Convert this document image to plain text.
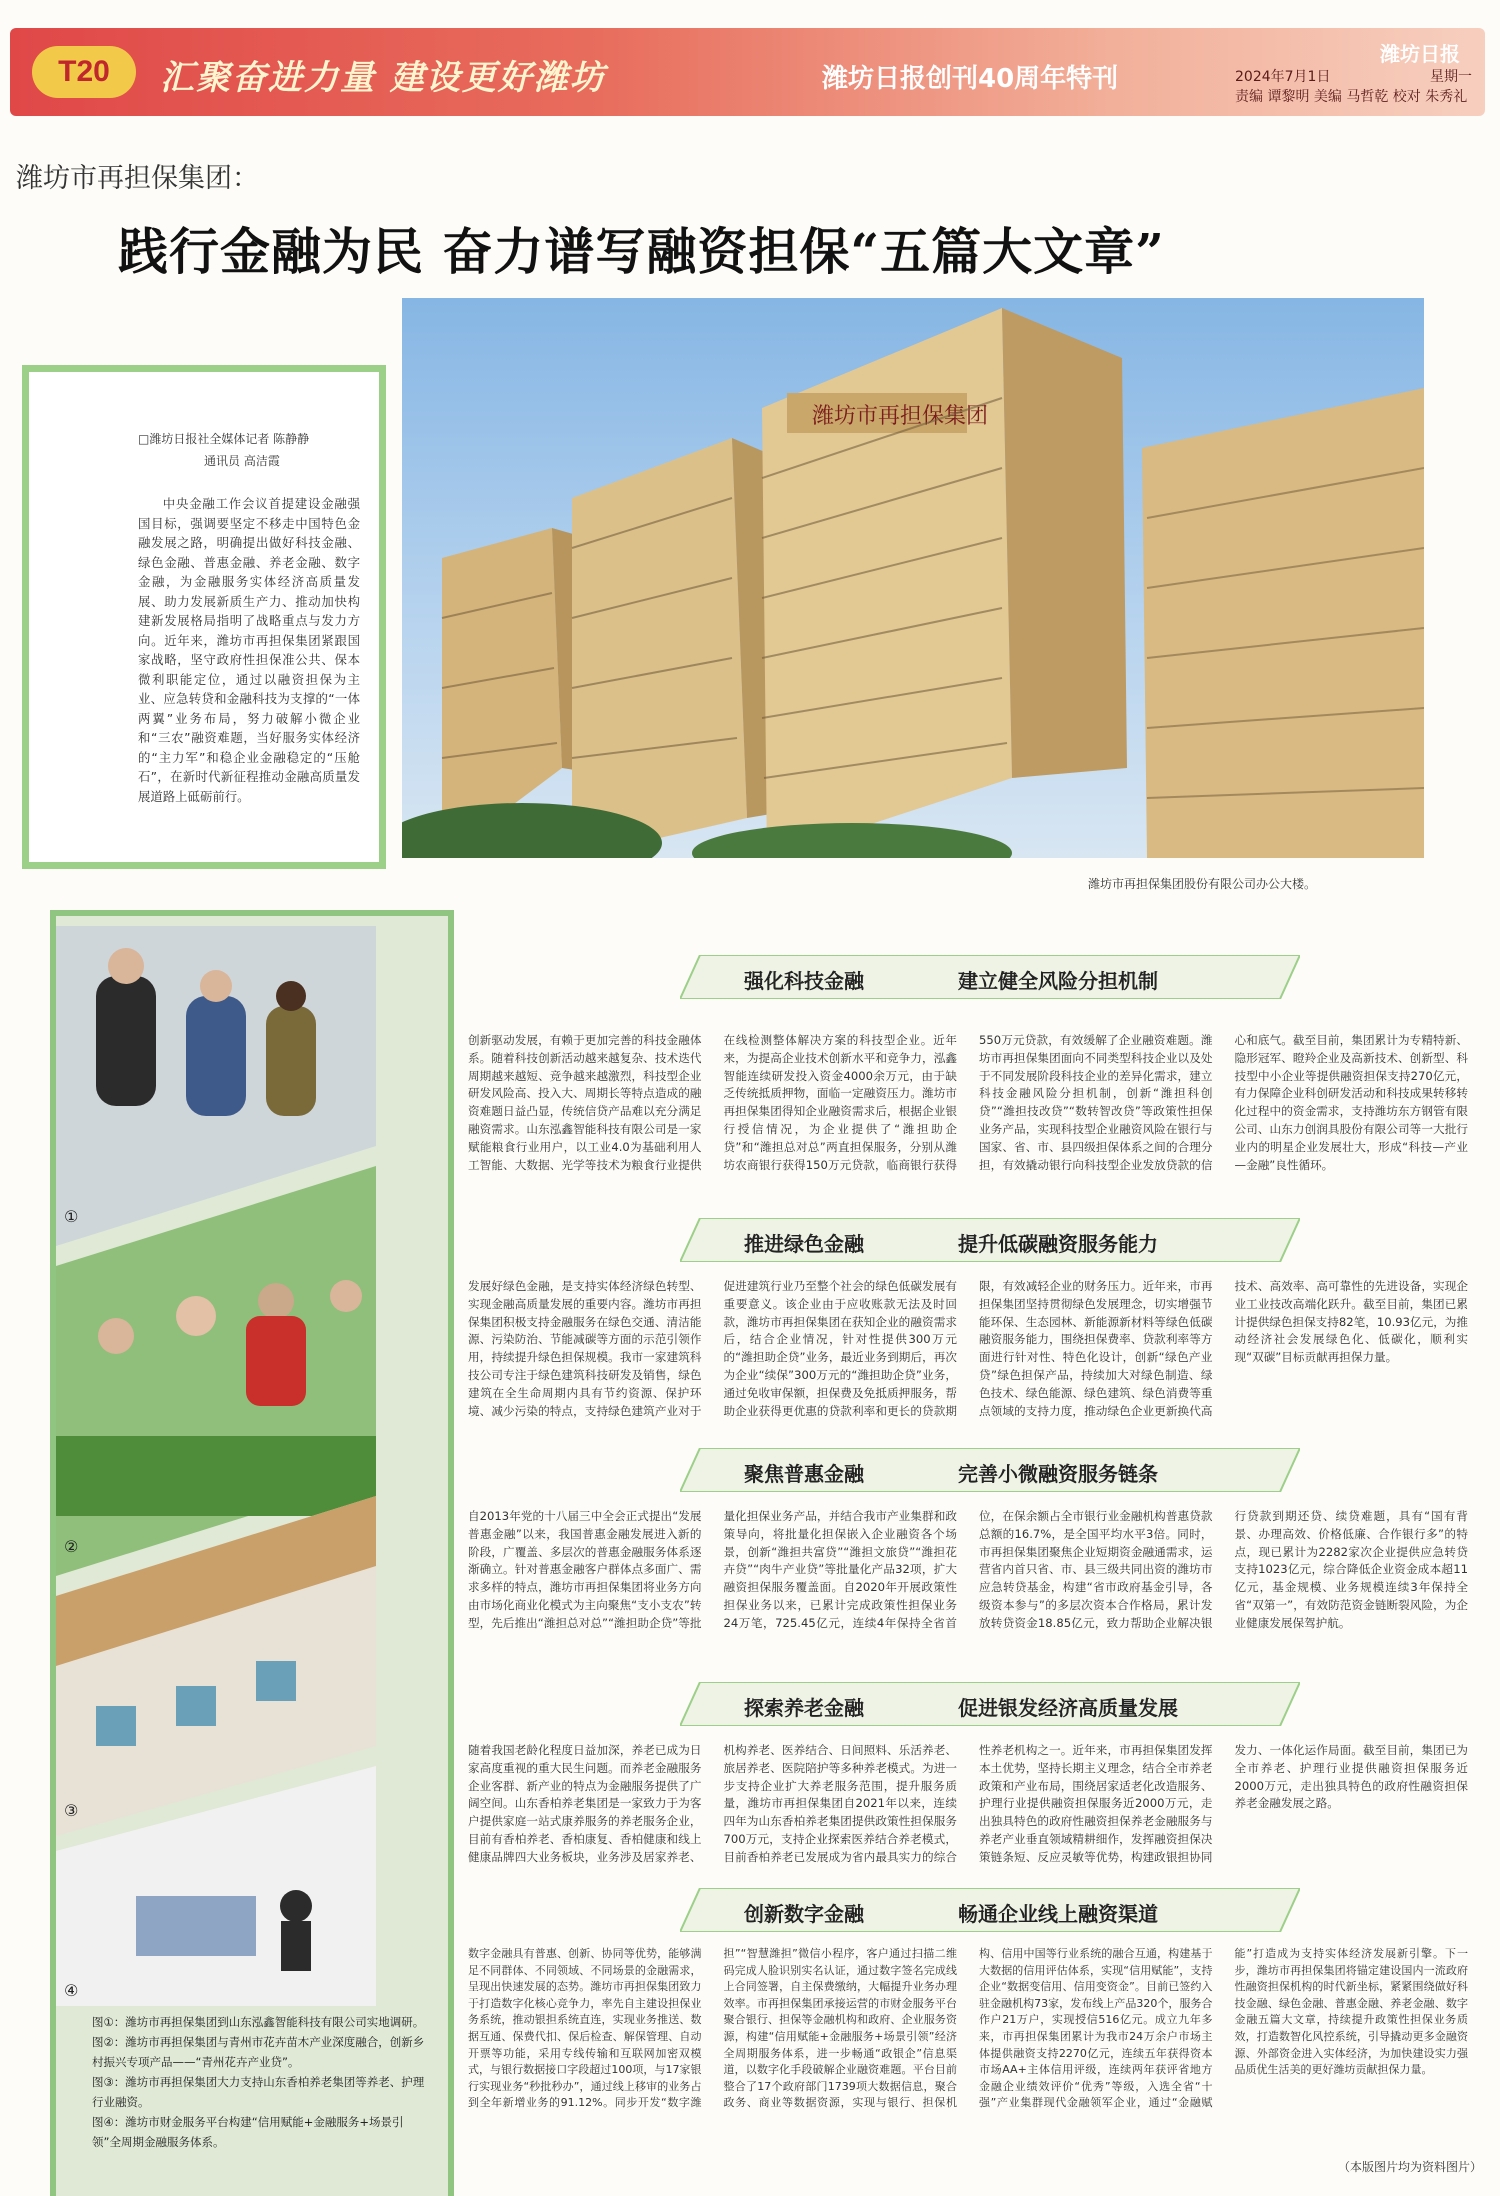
T20	汇聚奋进力量 建设更好潍坊	潍坊日报创刊40周年特刊
潍坊日报
2024年7月1日	星期一
责编 谭黎明 美编 马哲乾 校对 朱秀礼
潍坊市再担保集团：
践行金融为民 奋力谱写融资担保“五篇大文章”
□潍坊日报社全媒体记者 陈静静
通讯员 高洁霞
中央金融工作会议首提建设金融强国目标，强调要坚定不移走中国特色金融发展之路，明确提出做好科技金融、绿色金融、普惠金融、养老金融、数字金融，为金融服务实体经济高质量发展、助力发展新质生产力、推动加快构建新发展格局指明了战略重点与发力方向。近年来，潍坊市再担保集团紧跟国家战略，坚守政府性担保准公共、保本微利职能定位，通过以融资担保为主业、应急转贷和金融科技为支撑的“一体两翼”业务布局，努力破解小微企业和“三农”融资难题，当好服务实体经济的“主力军”和稳企业金融稳定的“压舱石”，在新时代新征程推动金融高质量发展道路上砥砺前行。
潍坊市再担保集团
潍坊市再担保集团股份有限公司办公大楼。
①
②
③
④
图①：潍坊市再担保集团到山东泓鑫智能科技有限公司实地调研。
图②：潍坊市再担保集团与青州市花卉苗木产业深度融合，创新乡村振兴专项产品——“青州花卉产业贷”。
图③：潍坊市再担保集团大力支持山东香柏养老集团等养老、护理行业融资。
图④：潍坊市财金服务平台构建“信用赋能+金融服务+场景引领”全周期金融服务体系。
强化科技金融	建立健全风险分担机制
创新驱动发展，有赖于更加完善的科技金融体系。随着科技创新活动越来越复杂、技术迭代周期越来越短、竞争越来越激烈，科技型企业研发风险高、投入大、周期长等特点造成的融资难题日益凸显，传统信贷产品难以充分满足融资需求。山东泓鑫智能科技有限公司是一家赋能粮食行业用户，以工业4.0为基础利用人工智能、大数据、光学等技术为粮食行业提供在线检测整体解决方案的科技型企业。近年来，为提高企业技术创新水平和竞争力，泓鑫智能连续研发投入资金4000余万元，由于缺乏传统抵质押物，面临一定融资压力。潍坊市再担保集团得知企业融资需求后，根据企业银行授信情况，为企业提供了“潍担助企贷”和“潍担总对总”两直担保服务，分别从潍坊农商银行获得150万元贷款，临商银行获得550万元贷款，有效缓解了企业融资难题。潍坊市再担保集团面向不同类型科技企业以及处于不同发展阶段科技企业的差异化需求，建立科技金融风险分担机制，创新“潍担科创贷”“潍担技改贷”“数转智改贷”等政策性担保业务产品，实现科技型企业融资风险在银行与国家、省、市、县四级担保体系之间的合理分担，有效撬动银行向科技型企业发放贷款的信心和底气。截至目前，集团累计为专精特新、隐形冠军、瞪羚企业及高新技术、创新型、科技型中小企业等提供融资担保支持270亿元，有力保障企业科创研发活动和科技成果转移转化过程中的资金需求，支持潍坊东方钢管有限公司、山东力创润具股份有限公司等一大批行业内的明星企业发展壮大，形成“科技—产业—金融”良性循环。
推进绿色金融	提升低碳融资服务能力
发展好绿色金融，是支持实体经济绿色转型、实现金融高质量发展的重要内容。潍坊市再担保集团积极支持金融服务在绿色交通、清洁能源、污染防治、节能减碳等方面的示范引领作用，持续提升绿色担保规模。我市一家建筑科技公司专注于绿色建筑科技研发及销售，绿色建筑在全生命周期内具有节约资源、保护环境、减少污染的特点，支持绿色建筑产业对于促进建筑行业乃至整个社会的绿色低碳发展有重要意义。该企业由于应收账款无法及时回款，潍坊市再担保集团在获知企业的融资需求后，结合企业情况，针对性提供300万元的“潍担助企贷”业务，最近业务到期后，再次为企业“续保”300万元的“潍担助企贷”业务，通过免收审保额，担保费及免抵质押服务，帮助企业获得更优惠的贷款利率和更长的贷款期限，有效减轻企业的财务压力。近年来，市再担保集团坚持贯彻绿色发展理念，切实增强节能环保、生态园林、新能源新材料等绿色低碳融资服务能力，围绕担保费率、贷款利率等方面进行针对性、特色化设计，创新“绿色产业贷”绿色担保产品，持续加大对绿色制造、绿色技术、绿色能源、绿色建筑、绿色消费等重点领域的支持力度，推动绿色企业更新换代高技术、高效率、高可靠性的先进设备，实现企业工业技改高端化跃升。截至目前，集团已累计提供绿色担保支持82笔，10.93亿元，为推动经济社会发展绿色化、低碳化，顺利实现“双碳”目标贡献再担保力量。
聚焦普惠金融	完善小微融资服务链条
自2013年党的十八届三中全会正式提出“发展普惠金融”以来，我国普惠金融发展进入新的阶段，广覆盖、多层次的普惠金融服务体系逐渐确立。针对普惠金融客户群体点多面广、需求多样的特点，潍坊市再担保集团将业务方向由市场化商业化模式为主向聚焦“支小支农”转型，先后推出“潍担总对总”“潍担助企贷”等批量化担保业务产品，并结合我市产业集群和政策导向，将批量化担保嵌入企业融资各个场景，创新“潍担共富贷”“潍担文旅贷”“潍担花卉贷”“肉牛产业贷”等批量化产品32项，扩大融资担保服务覆盖面。自2020年开展政策性担保业务以来，已累计完成政策性担保业务24万笔，725.45亿元，连续4年保持全省首位，在保余额占全市银行业金融机构普惠贷款总额的16.7%，是全国平均水平3倍。同时，市再担保集团聚焦企业短期资金融通需求，运营省内首只省、市、县三级共同出资的潍坊市应急转贷基金，构建“省市政府基金引导，各级资本参与”的多层次资本合作格局，累计发放转贷资金18.85亿元，致力帮助企业解决银行贷款到期还贷、续贷难题，具有“国有背景、办理高效、价格低廉、合作银行多”的特点，现已累计为2282家次企业提供应急转贷支持1023亿元，综合降低企业资金成本超11亿元，基金规模、业务规模连续3年保持全省“双第一”，有效防范资金链断裂风险，为企业健康发展保驾护航。
探索养老金融	促进银发经济高质量发展
随着我国老龄化程度日益加深，养老已成为日家高度重视的重大民生问题。而养老金融服务企业客群、新产业的特点为金融服务提供了广阔空间。山东香柏养老集团是一家致力于为客户提供家庭一站式康养服务的养老服务企业，目前有香柏养老、香柏康复、香柏健康和线上健康品牌四大业务板块，业务涉及居家养老、机构养老、医养结合、日间照料、乐活养老、旅居养老、医院陪护等多种养老模式。为进一步支持企业扩大养老服务范围，提升服务质量，潍坊市再担保集团自2021年以来，连续四年为山东香柏养老集团提供政策性担保服务700万元，支持企业探索医养结合养老模式，目前香柏养老已发展成为省内最具实力的综合性养老机构之一。近年来，市再担保集团发挥本土优势，坚持长期主义理念，结合全市养老政策和产业布局，围绕居家适老化改造服务、护理行业提供融资担保服务近2000万元，走出独具特色的政府性融资担保养老金融服务与养老产业垂直领域精耕细作，发挥融资担保决策链条短、反应灵敏等优势，构建政银担协同发力、一体化运作局面。截至目前，集团已为全市养老、护理行业提供融资担保服务近2000万元，走出独具特色的政府性融资担保养老金融发展之路。
创新数字金融	畅通企业线上融资渠道
数字金融具有普惠、创新、协同等优势，能够满足不同群体、不同领域、不同场景的金融需求，呈现出快速发展的态势。潍坊市再担保集团致力于打造数字化核心竞争力，率先自主建设担保业务系统，推动银担系统直连，实现业务推送、数据互通、保费代扣、保后检查、解保管理、自动开票等功能，采用专线传输和互联网加密双模式，与银行数据接口字段超过100项，与17家银行实现业务“秒批秒办”，通过线上移审的业务占到全年新增业务的91.12%。同步开发“数字潍担”“智慧潍担”微信小程序，客户通过扫描二维码完成人脸识别实名认证，通过数字签名完成线上合同签署，自主保费缴纳，大幅提升业务办理效率。市再担保集团承接运营的市财金服务平台聚合银行、担保等金融机构和政府、企业服务资源，构建“信用赋能+金融服务+场景引领”经济全周期服务体系，进一步畅通“政银企”信息渠道，以数字化手段破解企业融资难题。平台目前整合了17个政府部门1739项大数据信息，聚合政务、商业等数据资源，实现与银行、担保机构、信用中国等行业系统的融合互通，构建基于大数据的信用评估体系，实现“信用赋能”，支持企业“数据变信用、信用变资金”。目前已签约入驻金融机构73家，发布线上产品320个，服务合作户21万户，实现授信516亿元。成立九年多来，市再担保集团累计为我市24万余户市场主体提供融资支持2270亿元，连续五年获得资本市场AA+主体信用评级，连续两年获评省地方金融企业绩效评价“优秀”等级，入选全省“十强”产业集群现代金融领军企业，通过“金融赋能”打造成为支持实体经济发展新引擎。下一步，潍坊市再担保集团将锚定建设国内一流政府性融资担保机构的时代新坐标，紧紧围绕做好科技金融、绿色金融、普惠金融、养老金融、数字金融五篇大文章，持续提升政策性担保业务质效，打造数智化风控系统，引导撬动更多金融资源、外部资金进入实体经济，为加快建设实力强品质优生活美的更好潍坊贡献担保力量。
（本版图片均为资料图片）
